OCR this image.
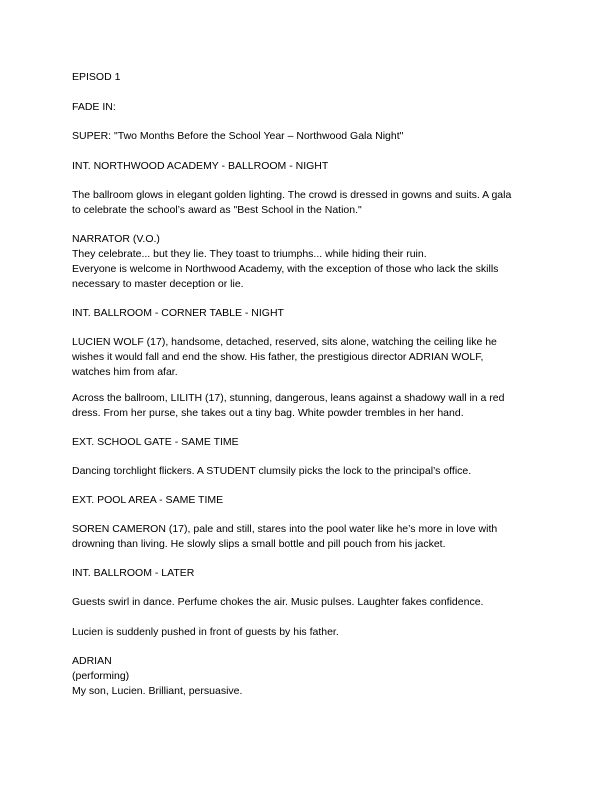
EPISOD 1
FADE IN:
SUPER: "Two Months Before the School Year – Northwood Gala Night"
INT. NORTHWOOD ACADEMY - BALLROOM - NIGHT
The ballroom glows in elegant golden lighting. The crowd is dressed in gowns and suits. A gala
to celebrate the school’s award as "Best School in the Nation."
NARRATOR (V.O.)
They celebrate... but they lie. They toast to triumphs... while hiding their ruin.
Everyone is welcome in Northwood Academy, with the exception of those who lack the skills
necessary to master deception or lie.
INT. BALLROOM - CORNER TABLE - NIGHT
LUCIEN WOLF (17), handsome, detached, reserved, sits alone, watching the ceiling like he
wishes it would fall and end the show. His father, the prestigious director ADRIAN WOLF,
watches him from afar.
Across the ballroom, LILITH (17), stunning, dangerous, leans against a shadowy wall in a red
dress. From her purse, she takes out a tiny bag. White powder trembles in her hand.
EXT. SCHOOL GATE - SAME TIME
Dancing torchlight flickers. A STUDENT clumsily picks the lock to the principal’s office.
EXT. POOL AREA - SAME TIME
SOREN CAMERON (17), pale and still, stares into the pool water like he’s more in love with
drowning than living. He slowly slips a small bottle and pill pouch from his jacket.
INT. BALLROOM - LATER
Guests swirl in dance. Perfume chokes the air. Music pulses. Laughter fakes confidence.
Lucien is suddenly pushed in front of guests by his father.
ADRIAN
(performing)
My son, Lucien. Brilliant, persuasive.
